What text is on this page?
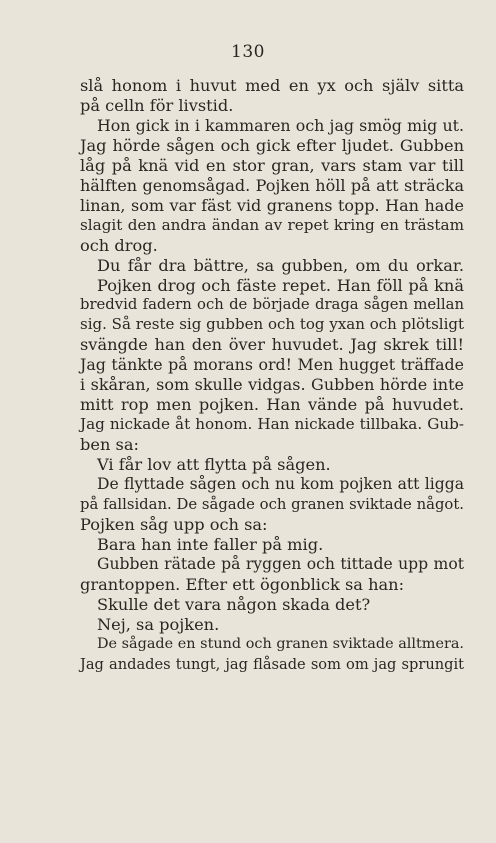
130
slå honom i huvut med en yx och själv sitta
på celln för livstid.
Hon gick in i kammaren och jag smög mig ut.
Jag hörde sågen och gick efter ljudet. Gubben
låg på knä vid en stor gran, vars stam var till
hälften genomsågad. Pojken höll på att sträcka
linan, som var fäst vid granens topp. Han hade
slagit den andra ändan av repet kring en trästam
och drog.
Du får dra bättre, sa gubben, om du orkar.
Pojken drog och fäste repet. Han föll på knä
bredvid fadern och de började draga sågen mellan
sig. Så reste sig gubben och tog yxan och plötsligt
svängde han den över huvudet. Jag skrek till!
Jag tänkte på morans ord! Men hugget träffade
i skåran, som skulle vidgas. Gubben hörde inte
mitt rop men pojken. Han vände på huvudet.
Jag nickade åt honom. Han nickade tillbaka. Gub-
ben sa:
Vi får lov att flytta på sågen.
De flyttade sågen och nu kom pojken att ligga
på fallsidan. De sågade och granen sviktade något.
Pojken såg upp och sa:
Bara han inte faller på mig.
Gubben rätade på ryggen och tittade upp mot
grantoppen. Efter ett ögonblick sa han:
Skulle det vara någon skada det?
Nej, sa pojken.
De sågade en stund och granen sviktade alltmera.
Jag andades tungt, jag flåsade som om jag sprungit
